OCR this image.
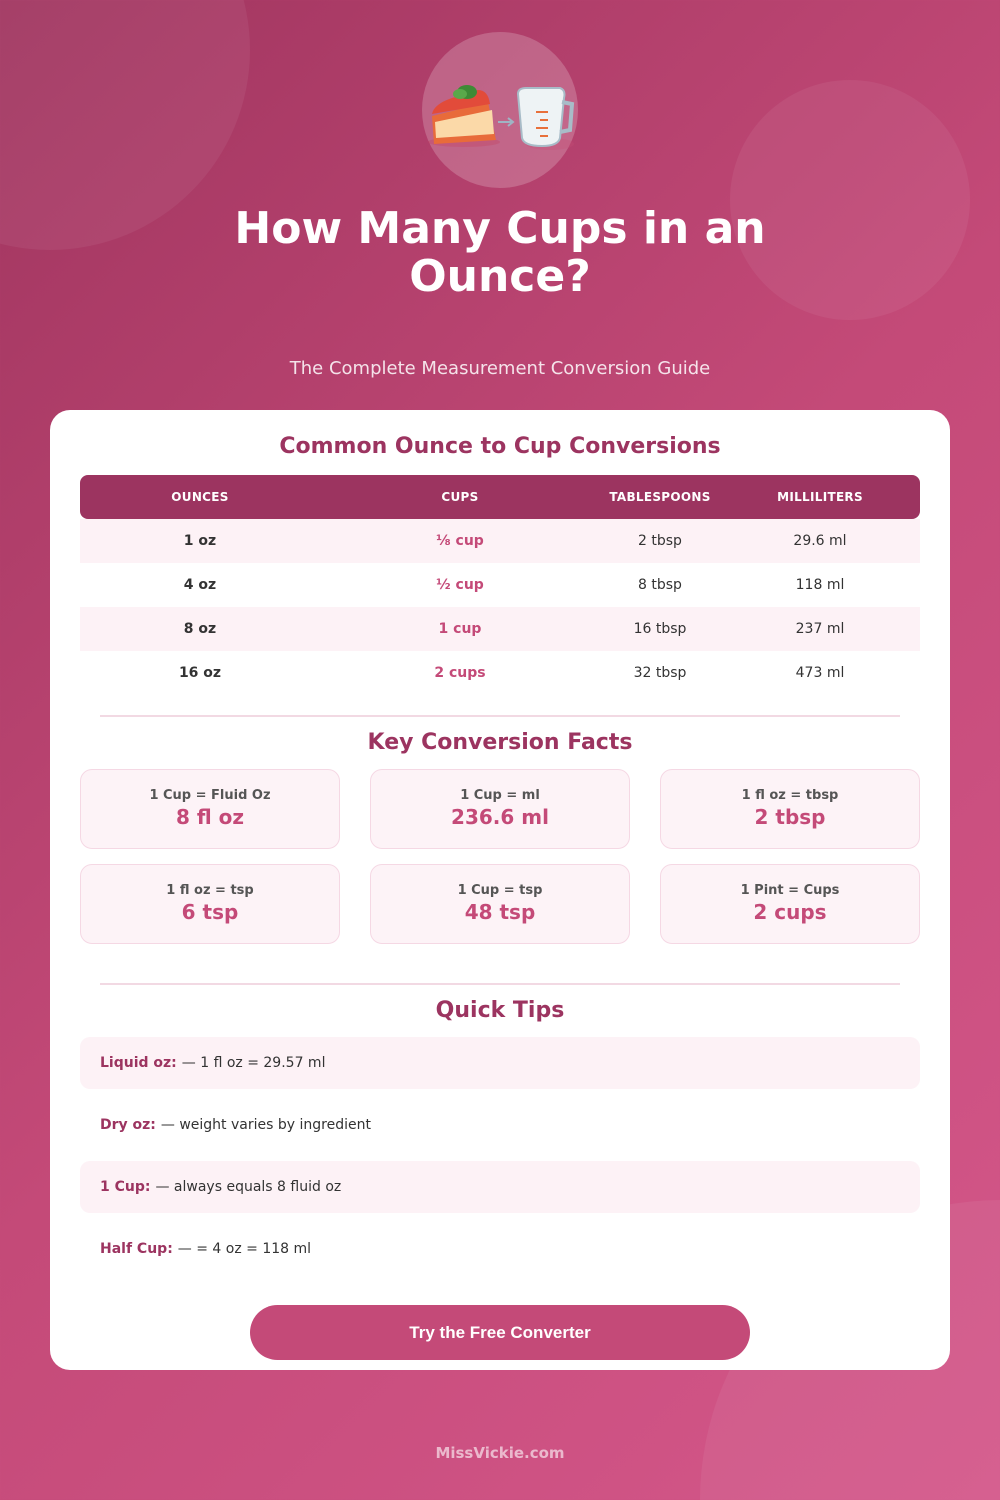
How Many Cups in an Ounce?
The Complete Measurement Conversion Guide
Common Ounce to Cup Conversions
OUNCES	CUPS	TABLESPOONS	MILLILITERS
1 oz	⅛ cup	2 tbsp	29.6 ml
4 oz	½ cup	8 tbsp	118 ml
8 oz	1 cup	16 tbsp	237 ml
16 oz	2 cups	32 tbsp	473 ml
Key Conversion Facts
1 Cup = Fluid Oz
8 fl oz
1 Cup = ml
236.6 ml
1 fl oz = tbsp
2 tbsp
1 fl oz = tsp
6 tsp
1 Cup = tsp
48 tsp
1 Pint = Cups
2 cups
Quick Tips
Liquid oz: — 1 fl oz = 29.57 ml
Dry oz: — weight varies by ingredient
1 Cup: — always equals 8 fluid oz
Half Cup: — = 4 oz = 118 ml
Try the Free Converter
MissVickie.com
